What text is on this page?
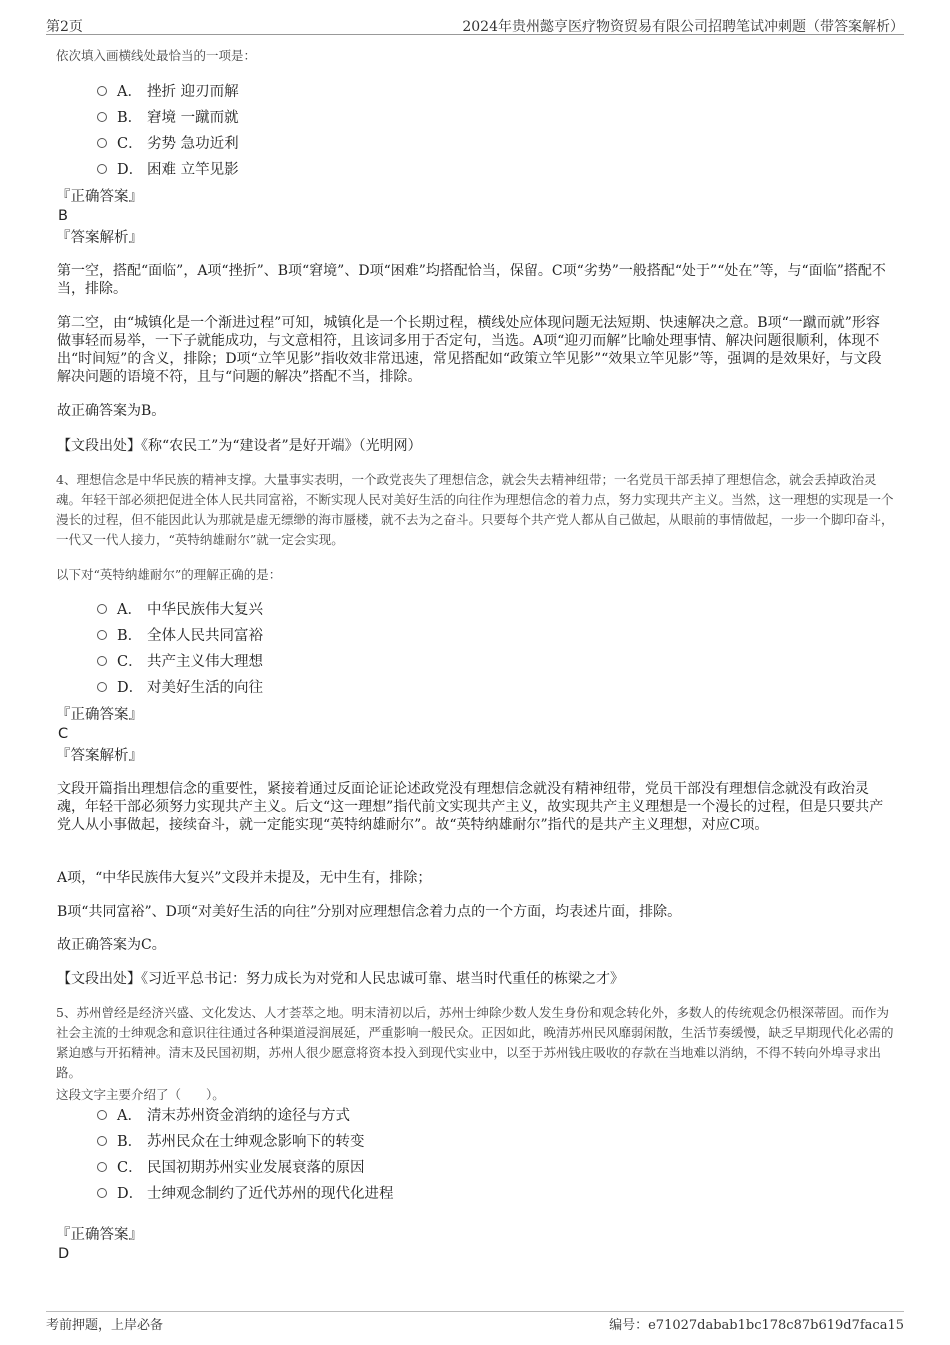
第2页	2024年贵州懿亨医疗物资贸易有限公司招聘笔试冲刺题（带答案解析）
依次填入画横线处最恰当的一项是：
A． 挫折 迎刃而解
B． 窘境 一蹴而就
C． 劣势 急功近利
D． 困难 立竿见影
『正确答案』
B
『答案解析』
第一空，搭配“面临”，A项“挫折”、B项“窘境”、D项“困难”均搭配恰当，保留。C项“劣势”一般搭配“处于”“处在”等，与“面临”搭配不当，排除。
第二空，由“城镇化是一个渐进过程”可知，城镇化是一个长期过程，横线处应体现问题无法短期、快速解决之意。B项“一蹴而就”形容做事轻而易举，一下子就能成功，与文意相符，且该词多用于否定句，当选。A项“迎刃而解”比喻处理事情、解决问题很顺利，体现不出“时间短”的含义，排除；D项“立竿见影”指收效非常迅速，常见搭配如“政策立竿见影”“效果立竿见影”等，强调的是效果好，与文段解决问题的语境不符，且与“问题的解决”搭配不当，排除。
故正确答案为B。
【文段出处】《称“农民工”为“建设者”是好开端》（光明网）
4、理想信念是中华民族的精神支撑。大量事实表明，一个政党丧失了理想信念，就会失去精神纽带；一名党员干部丢掉了理想信念，就会丢掉政治灵魂。年轻干部必须把促进全体人民共同富裕，不断实现人民对美好生活的向往作为理想信念的着力点，努力实现共产主义。当然，这一理想的实现是一个漫长的过程，但不能因此认为那就是虚无缥缈的海市蜃楼，就不去为之奋斗。只要每个共产党人都从自己做起，从眼前的事情做起，一步一个脚印奋斗，一代又一代人接力，“英特纳雄耐尔”就一定会实现。
以下对“英特纳雄耐尔”的理解正确的是：
A． 中华民族伟大复兴
B． 全体人民共同富裕
C． 共产主义伟大理想
D． 对美好生活的向往
『正确答案』
C
『答案解析』
文段开篇指出理想信念的重要性，紧接着通过反面论证论述政党没有理想信念就没有精神纽带，党员干部没有理想信念就没有政治灵魂，年轻干部必须努力实现共产主义。后文“这一理想”指代前文实现共产主义，故实现共产主义理想是一个漫长的过程，但是只要共产党人从小事做起，接续奋斗，就一定能实现“英特纳雄耐尔”。故“英特纳雄耐尔”指代的是共产主义理想，对应C项。
A项，“中华民族伟大复兴”文段并未提及，无中生有，排除；
B项“共同富裕”、D项“对美好生活的向往”分别对应理想信念着力点的一个方面，均表述片面，排除。
故正确答案为C。
【文段出处】《习近平总书记：努力成长为对党和人民忠诚可靠、堪当时代重任的栋梁之才》
5、苏州曾经是经济兴盛、文化发达、人才荟萃之地。明末清初以后，苏州士绅除少数人发生身份和观念转化外，多数人的传统观念仍根深蒂固。而作为社会主流的士绅观念和意识往往通过各种渠道浸润展延，严重影响一般民众。正因如此，晚清苏州民风靡弱闲散，生活节奏缓慢，缺乏早期现代化必需的紧迫感与开拓精神。清末及民国初期，苏州人很少愿意将资本投入到现代实业中，以至于苏州钱庄吸收的存款在当地难以消纳，不得不转向外埠寻求出路。
这段文字主要介绍了（　　）。
A． 清末苏州资金消纳的途径与方式
B． 苏州民众在士绅观念影响下的转变
C． 民国初期苏州实业发展衰落的原因
D． 士绅观念制约了近代苏州的现代化进程
『正确答案』
D
考前押题，上岸必备	编号：e71027dabab1bc178c87b619d7faca15
